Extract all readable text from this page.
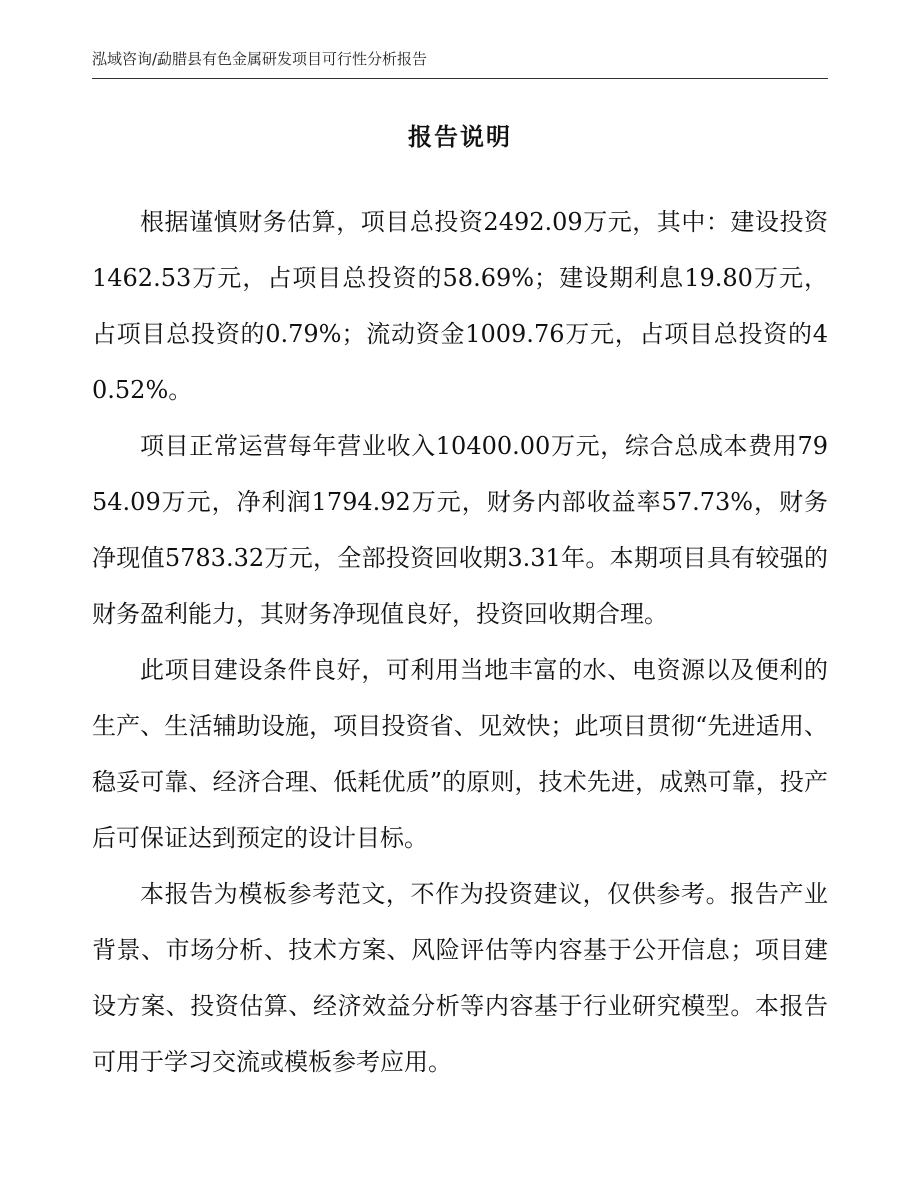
泓域咨询/勐腊县有色金属研发项目可行性分析报告
报告说明

根据谨慎财务估算，项目总投资2492.09万元，其中：建设投资1462.53万元，占项目总投资的58.69%；建设期利息19.80万元，占项目总投资的0.79%；流动资金1009.76万元，占项目总投资的40.52%。

项目正常运营每年营业收入10400.00万元，综合总成本费用7954.09万元，净利润1794.92万元，财务内部收益率57.73%，财务净现值5783.32万元，全部投资回收期3.31年。本期项目具有较强的财务盈利能力，其财务净现值良好，投资回收期合理。

此项目建设条件良好，可利用当地丰富的水、电资源以及便利的生产、生活辅助设施，项目投资省、见效快；此项目贯彻“先进适用、稳妥可靠、经济合理、低耗优质”的原则，技术先进，成熟可靠，投产后可保证达到预定的设计目标。

本报告为模板参考范文，不作为投资建议，仅供参考。报告产业背景、市场分析、技术方案、风险评估等内容基于公开信息；项目建设方案、投资估算、经济效益分析等内容基于行业研究模型。本报告可用于学习交流或模板参考应用。
